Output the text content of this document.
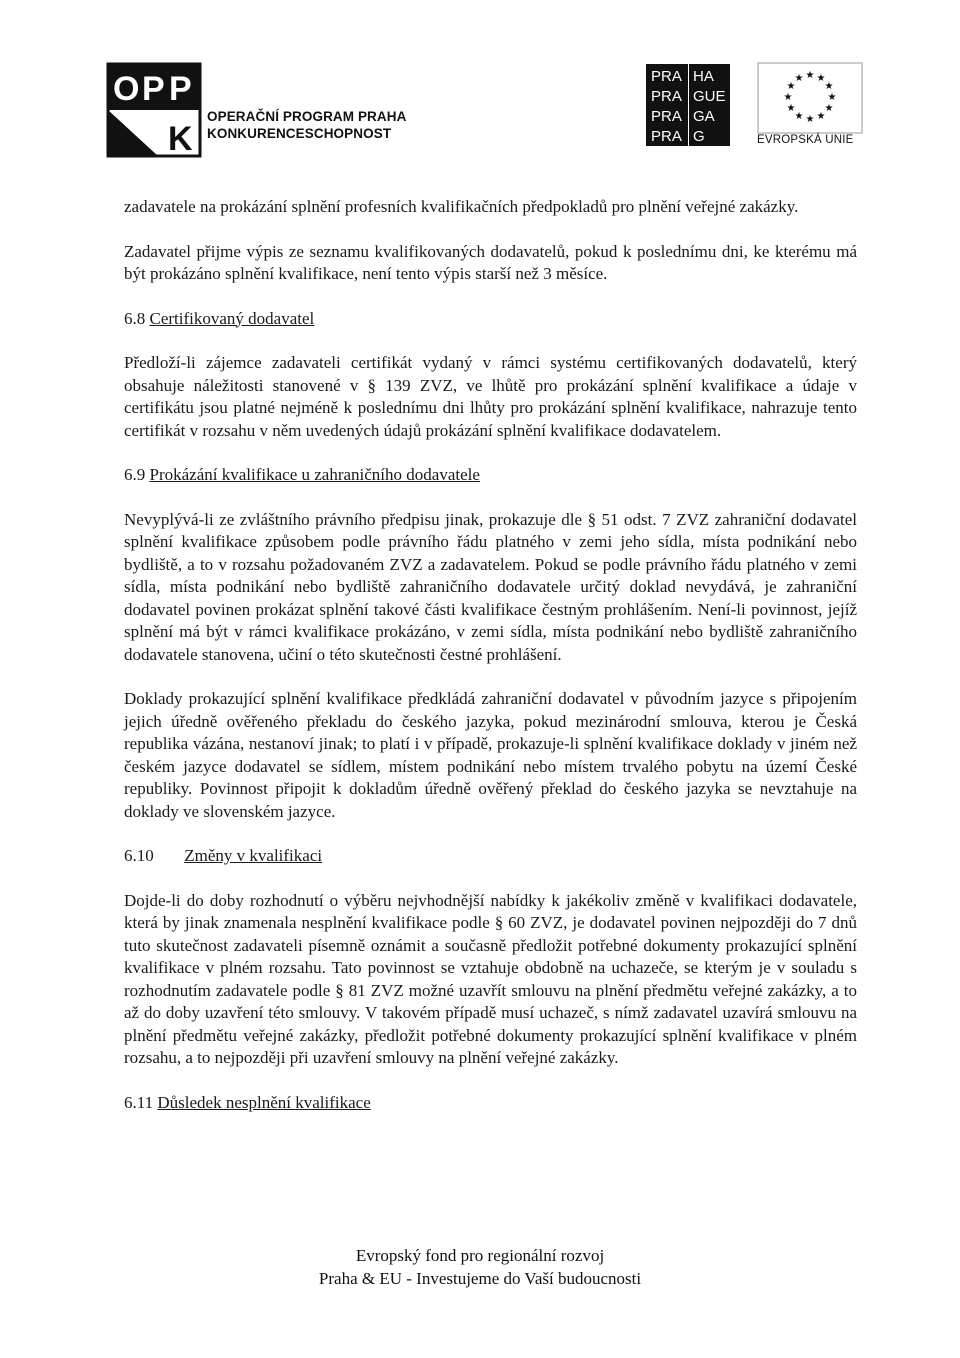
O P P
K
OPERAČNÍ PROGRAM PRAHA
KONKURENCESCHOPNOST
PRA
PRA
PRA
PRA
HA
GUE
GA
G
★ ★
★
★
★
★
★
★
★
★
★
★
EVROPSKÁ UNIE

zadavatele na prokázání splnění profesních kvalifikačních předpokladů pro plnění veřejné zakázky.

Zadavatel přijme výpis ze seznamu kvalifikovaných dodavatelů, pokud k poslednímu dni, ke kterému má být prokázáno splnění kvalifikace, není tento výpis starší než 3 měsíce.

6.8 Certifikovaný dodavatel

Předloží-li zájemce zadavateli certifikát vydaný v rámci systému certifikovaných dodavatelů, který obsahuje náležitosti stanovené v § 139 ZVZ, ve lhůtě pro prokázání splnění kvalifikace a údaje v certifikátu jsou platné nejméně k poslednímu dni lhůty pro prokázání splnění kvalifikace, nahrazuje tento certifikát v rozsahu v něm uvedených údajů prokázání splnění kvalifikace dodavatelem.

6.9 Prokázání kvalifikace u zahraničního dodavatele

Nevyplývá-li ze zvláštního právního předpisu jinak, prokazuje dle § 51 odst. 7 ZVZ zahraniční dodavatel splnění kvalifikace způsobem podle právního řádu platného v zemi jeho sídla, místa podnikání nebo bydliště, a to v rozsahu požadovaném ZVZ a zadavatelem. Pokud se podle právního řádu platného v zemi sídla, místa podnikání nebo bydliště zahraničního dodavatele určitý doklad nevydává, je zahraniční dodavatel povinen prokázat splnění takové části kvalifikace čestným prohlášením. Není-li povinnost, jejíž splnění má být v rámci kvalifikace prokázáno, v zemi sídla, místa podnikání nebo bydliště zahraničního dodavatele stanovena, učiní o této skutečnosti čestné prohlášení.

Doklady prokazující splnění kvalifikace předkládá zahraniční dodavatel v původním jazyce s připojením jejich úředně ověřeného překladu do českého jazyka, pokud mezinárodní smlouva, kterou je Česká republika vázána, nestanoví jinak; to platí i v případě, prokazuje-li splnění kvalifikace doklady v jiném než českém jazyce dodavatel se sídlem, místem podnikání nebo místem trvalého pobytu na území České republiky. Povinnost připojit k dokladům úředně ověřený překlad do českého jazyka se nevztahuje na doklady ve slovenském jazyce.

6.10 Změny v kvalifikaci

Dojde-li do doby rozhodnutí o výběru nejvhodnější nabídky k jakékoliv změně v kvalifikaci dodavatele, která by jinak znamenala nesplnění kvalifikace podle § 60 ZVZ, je dodavatel povinen nejpozději do 7 dnů tuto skutečnost zadavateli písemně oznámit a současně předložit potřebné dokumenty prokazující splnění kvalifikace v plném rozsahu. Tato povinnost se vztahuje obdobně na uchazeče, se kterým je v souladu s rozhodnutím zadavatele podle § 81 ZVZ možné uzavřít smlouvu na plnění předmětu veřejné zakázky, a to až do doby uzavření této smlouvy. V takovém případě musí uchazeč, s nímž zadavatel uzavírá smlouvu na plnění předmětu veřejné zakázky, předložit potřebné dokumenty prokazující splnění kvalifikace v plném rozsahu, a to nejpozději při uzavření smlouvy na plnění veřejné zakázky.

6.11 Důsledek nesplnění kvalifikace
Evropský fond pro regionální rozvoj
Praha & EU - Investujeme do Vaší budoucnosti
